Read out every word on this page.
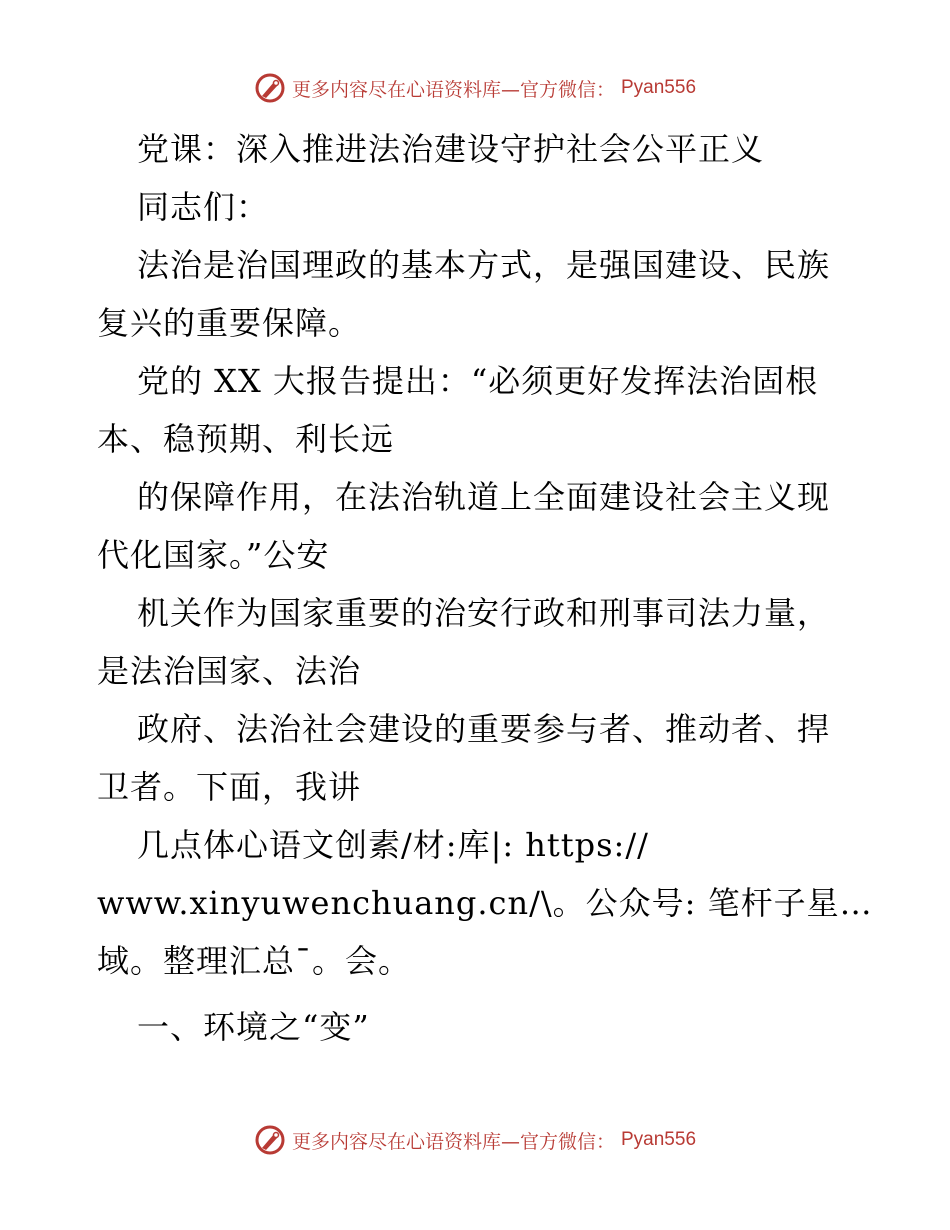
更多内容尽在心语资料库—官方微信： Pyan556
党课：深入推进法治建设守护社会公平正义
同志们：
法治是治国理政的基本方式，是强国建设、民族
复兴的重要保障。
党的 XX 大报告提出：“必须更好发挥法治固根
本、稳预期、利长远
的保障作用，在法治轨道上全面建设社会主义现
代化国家。”公安
机关作为国家重要的治安行政和刑事司法力量，
是法治国家、法治
政府、法治社会建设的重要参与者、推动者、捍
卫者。下面，我讲
几点体心语文创素/材:库|: https://
www.xinyuwenchuang.cn/\。公众号: 笔杆子星…
域。整理汇总¯。会。
一、环境之“变”
更多内容尽在心语资料库—官方微信： Pyan556
